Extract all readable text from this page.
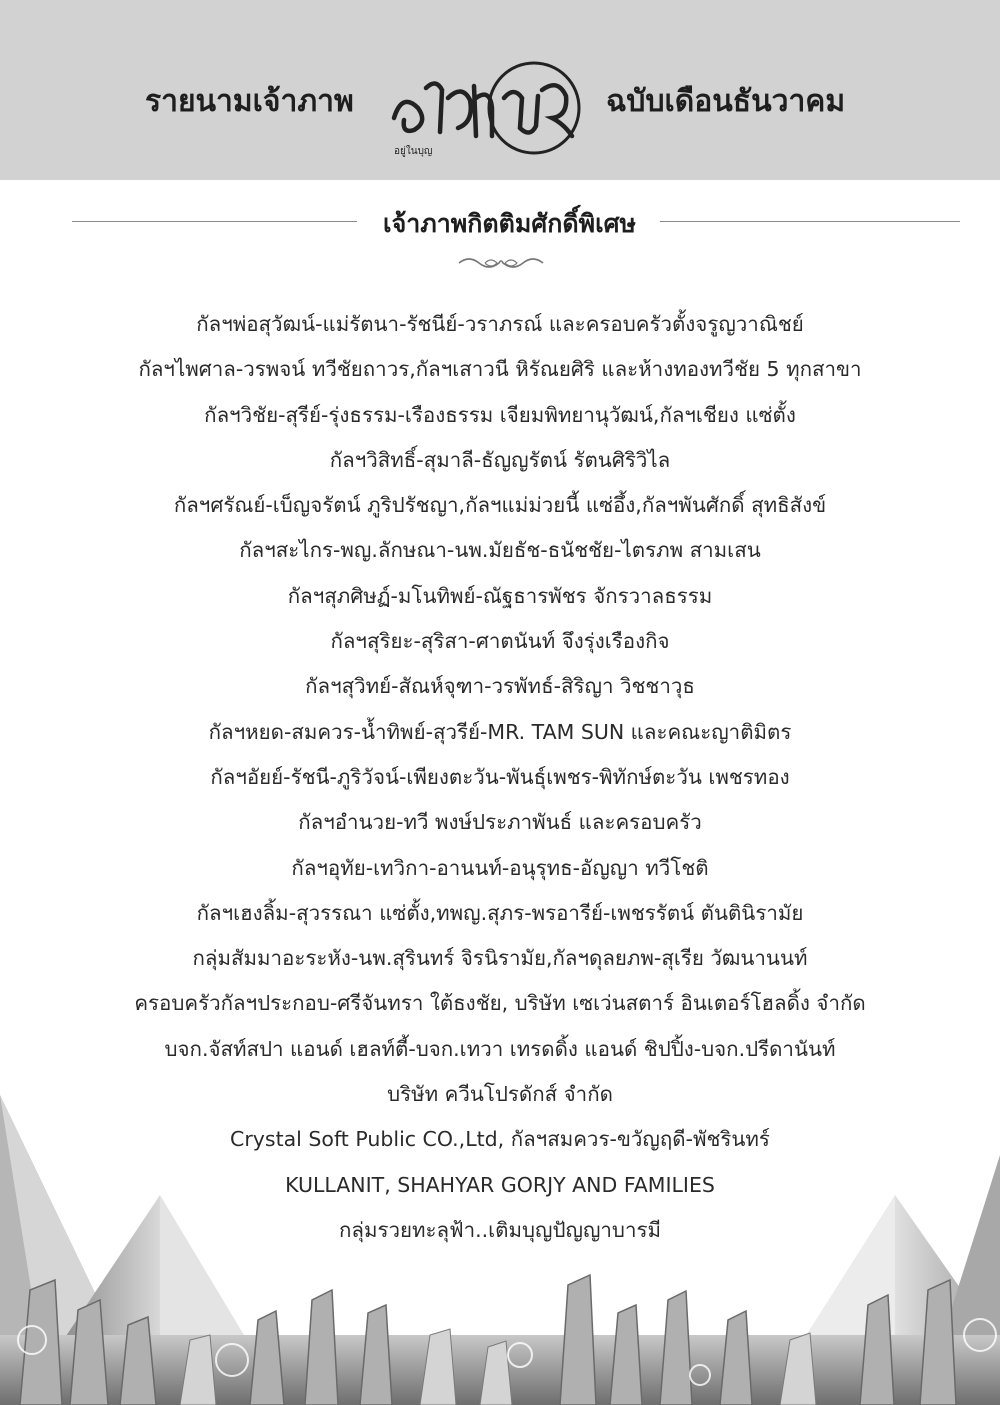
รายนามเจ้าภาพ
อยู่ในบุญ
ฉบับเดือนธันวาคม
เจ้าภาพกิตติมศักดิ์พิเศษ
กัลฯพ่อสุวัฒน์-แม่รัตนา-รัชนีย์-วราภรณ์ และครอบครัวตั้งจรูญวาณิชย์
กัลฯไพศาล-วรพจน์ ทวีชัยถาวร,กัลฯเสาวนี หิรัณยศิริ และห้างทองทวีชัย 5 ทุกสาขา
กัลฯวิชัย-สุรีย์-รุ่งธรรม-เรืองธรรม เจียมพิทยานุวัฒน์,กัลฯเชียง แซ่ตั้ง
กัลฯวิสิทธิ์-สุมาลี-ธัญญรัตน์ รัตนศิริวิไล
กัลฯศรัณย์-เบ็ญจรัตน์ ภูริปรัชญา,กัลฯแม่ม่วยนี้ แซ่อึ้ง,กัลฯพันศักดิ์ สุทธิสังข์
กัลฯสะไกร-พญ.ลักษณา-นพ.มัยธัช-ธนัชชัย-ไตรภพ สามเสน
กัลฯสุภศิษฏ์-มโนทิพย์-ณัฐธารพัชร จักรวาลธรรม
กัลฯสุริยะ-สุริสา-ศาตนันท์ จึงรุ่งเรืองกิจ
กัลฯสุวิทย์-สัณห์จุฑา-วรพัทธ์-สิริญา วิชชาวุธ
กัลฯหยด-สมควร-น้ำทิพย์-สุวรีย์-MR. TAM SUN และคณะญาติมิตร
กัลฯอัยย์-รัชนี-ภูริวัจน์-เพียงตะวัน-พันธุ์เพชร-พิทักษ์ตะวัน เพชรทอง
กัลฯอำนวย-ทวี พงษ์ประภาพันธ์ และครอบครัว
กัลฯอุทัย-เทวิกา-อานนท์-อนุรุทธ-อัญญา ทวีโชติ
กัลฯเฮงลิ้ม-สุวรรณา แซ่ตั้ง,ทพญ.สุภร-พรอารีย์-เพชรรัตน์ ตันตินิรามัย
กลุ่มสัมมาอะระหัง-นพ.สุรินทร์ จิรนิรามัย,กัลฯดุลยภพ-สุเรีย วัฒนานนท์
ครอบครัวกัลฯประกอบ-ศรีจันทรา ใต้ธงชัย, บริษัท เซเว่นสตาร์ อินเตอร์โฮลดิ้ง จำกัด
บจก.จัสท์สปา แอนด์ เฮลท์ตี้-บจก.เทวา เทรดดิ้ง แอนด์ ชิปปิ้ง-บจก.ปรีดานันท์
บริษัท ควีนโปรดักส์ จำกัด
Crystal Soft Public CO.,Ltd, กัลฯสมควร-ขวัญฤดี-พัชรินทร์
KULLANIT, SHAHYAR GORJY AND FAMILIES
กลุ่มรวยทะลุฟ้า..เติมบุญปัญญาบารมี
